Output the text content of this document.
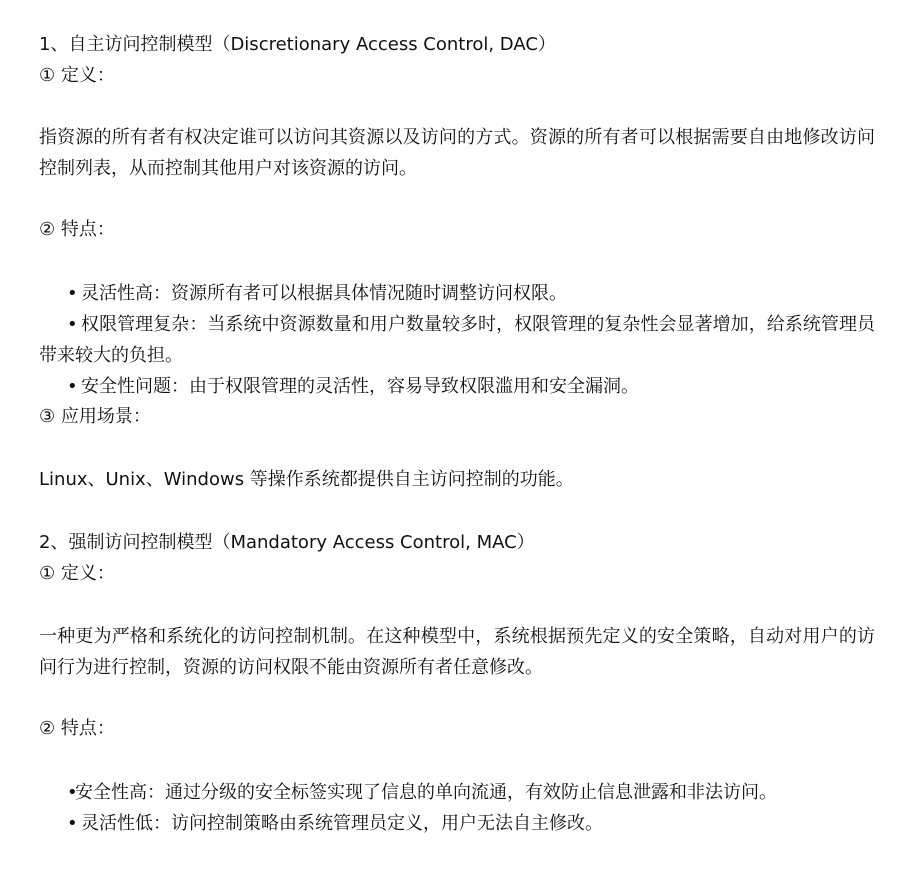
1、自主访问控制模型（Discretionary Access Control, DAC）
① 定义：
指资源的所有者有权决定谁可以访问其资源以及访问的方式。资源的所有者可以根据需要自由地修改访问控制列表，从而控制其他用户对该资源的访问。
② 特点：
• 灵活性高：资源所有者可以根据具体情况随时调整访问权限。
• 权限管理复杂：当系统中资源数量和用户数量较多时，权限管理的复杂性会显著增加，给系统管理员带来较大的负担。
• 安全性问题：由于权限管理的灵活性，容易导致权限滥用和安全漏洞。
③ 应用场景：
Linux、Unix、Windows 等操作系统都提供自主访问控制的功能。
2、强制访问控制模型（Mandatory Access Control, MAC）
① 定义：
一种更为严格和系统化的访问控制机制。在这种模型中，系统根据预先定义的安全策略，自动对用户的访问行为进行控制，资源的访问权限不能由资源所有者任意修改。
② 特点：
•安全性高：通过分级的安全标签实现了信息的单向流通，有效防止信息泄露和非法访问。
• 灵活性低：访问控制策略由系统管理员定义，用户无法自主修改。
